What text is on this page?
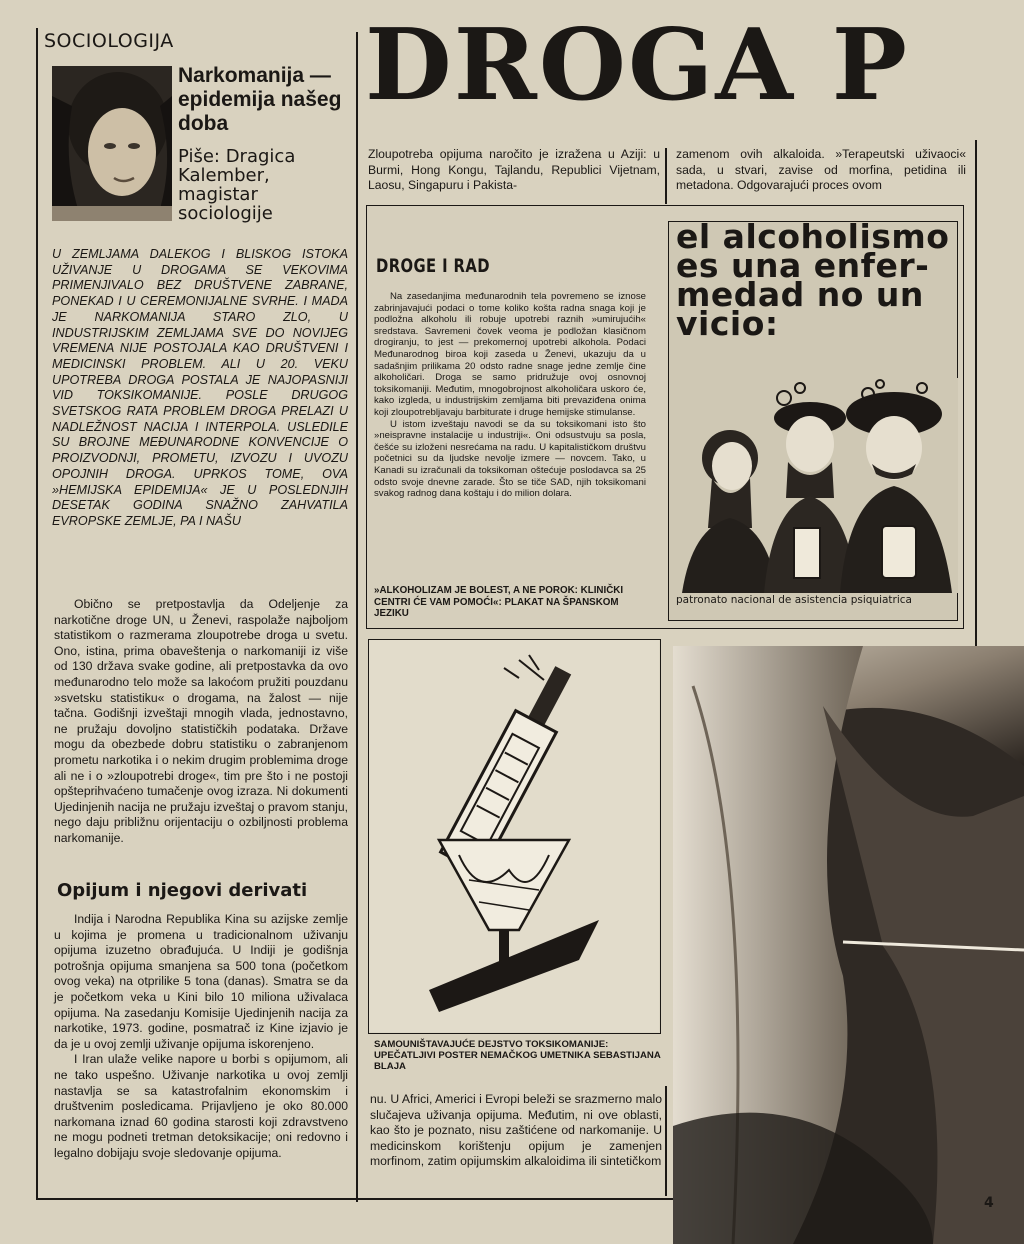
SOCIOLOGIJA
Narkomanija — epidemija našeg doba
Piše: Dragica Kalember, magistar sociologije
U ZEMLJAMA DALEKOG I BLISKOG ISTOKA UŽIVANJE U DROGAMA SE VEKOVIMA PRIMENJIVALO BEZ DRUŠTVENE ZABRANE, PONEKAD I U CEREMONIJALNE SVRHE. I MADA JE NARKOMANIJA STARO ZLO, U INDUSTRIJSKIM ZEMLJAMA SVE DO NOVIJEG VREMENA NIJE POSTOJALA KAO DRUŠTVENI I MEDICINSKI PROBLEM. ALI U 20. VEKU UPOTREBA DROGA POSTALA JE NAJOPASNIJI VID TOKSIKOMANIJE. POSLE DRUGOG SVETSKOG RATA PROBLEM DROGA PRELAZI U NADLEŽNOST NACIJA I INTERPOLA. USLEDILE SU BROJNE MEĐUNARODNE KONVENCIJE O PROIZVODNJI, PROMETU, IZVOZU I UVOZU OPOJNIH DROGA. UPRKOS TOME, OVA »HEMIJSKA EPIDEMIJA« JE U POSLEDNJIH DESETAK GODINA SNAŽNO ZAHVATILA EVROPSKE ZEMLJE, PA I NAŠU
Obično se pretpostavlja da Odeljenje za narkotične droge UN, u Ženevi, raspolaže najboljom statistikom o razmerama zloupotrebe droga u svetu. Ono, istina, prima obaveštenja o narkomaniji iz više od 130 država svake godine, ali pretpostavka da ovo međunarodno telo može sa lakoćom pružiti pouzdanu »svetsku statistiku« o drogama, na žalost — nije tačna. Godišnji izveštaji mnogih vlada, jednostavno, ne pružaju dovoljno statističkih podataka. Države mogu da obezbede dobru statistiku o zabranjenom prometu narkotika i o nekim drugim problemima droge ali ne i o »zloupotrebi droge«, tim pre što i ne postoji opšteprihvaćeno tumačenje ovog izraza. Ni dokumenti Ujedinjenih nacija ne pružaju izveštaj o pravom stanju, nego daju približnu orijentaciju o ozbiljnosti problema narkomanije.
Opijum i njegovi derivati

Indija i Narodna Republika Kina su azijske zemlje u kojima je promena u tradicionalnom uživanju opijuma izuzetno obrađujuća. U Indiji je godišnja potrošnja opijuma smanjena sa 500 tona (početkom ovog veka) na otprilike 5 tona (danas). Smatra se da je početkom veka u Kini bilo 10 miliona uživalaca opijuma. Na zasedanju Komisije Ujedinjenih nacija za narkotike, 1973. godine, posmatrač iz Kine izjavio je da je u ovoj zemlji uživanje opijuma iskorenjeno.

I Iran ulaže velike napore u borbi s opijumom, ali ne tako uspešno. Uživanje narkotika u ovoj zemlji nastavlja se sa katastrofalnim ekonomskim i društvenim posledicama. Prijavljeno je oko 80.000 narkomana iznad 60 godina starosti koji zdravstveno ne mogu podneti tretman detoksikacije; oni redovno i legalno dobijaju svoje sledovanje opijuma.

DROGA P
Zloupotreba opijuma naročito je izražena u Aziji: u Burmi, Hong Kongu, Tajlandu, Republici Vijetnam, Laosu, Singapuru i Pakista-
zamenom ovih alkaloida. »Terapeutski uživaoci« sada, u stvari, zavise od morfina, petidina ili metadona. Odgovarajući proces ovom
DROGE I RAD

Na zasedanjima međunarodnih tela povremeno se iznose zabrinjavajući podaci o tome koliko košta radna snaga koji je podložna alkoholu ili robuje upotrebi raznih »umirujućih« sredstava. Savremeni čovek veoma je podložan klasičnom drogiranju, to jest — prekomernoj upotrebi alkohola. Podaci Međunarodnog biroa koji zaseda u Ženevi, ukazuju da u sadašnjim prilikama 20 odsto radne snage jedne zemlje čine alkoholičari. Droga se samo pridružuje ovoj osnovnoj toksikomaniji. Međutim, mnogobrojnost alkoholičara uskoro će, kako izgleda, u industrijskim zemljama biti prevaziđena onima koji zloupotrebljavaju barbiturate i druge hemijske stimulanse.

U istom izveštaju navodi se da su toksikomani isto što »neispravne instalacije u industriji«. Oni odsustvuju sa posla, češće su izloženi nesrećama na radu. U kapitalističkom društvu početnici su da ljudske nevolje izmere — novcem. Tako, u Kanadi su izračunali da toksikoman oštećuje poslodavca sa 25 odsto svoje dnevne zarade. Što se tiče SAD, njih toksikomani svakog radnog dana koštaju i do milion dolara.

»ALKOHOLIZAM JE BOLEST, A NE POROK: KLINIČKI CENTRI ĆE VAM POMOĆI«: PLAKAT NA ŠPANSKOM JEZIKU
el alcoholismo es una enfer- medad no un vicio:
patronato nacional de asistencia psiquiatrica
SAMOUNIŠTAVAJUĆE DEJSTVO TOKSIKOMANIJE: UPEČATLJIVI POSTER NEMAČKOG UMETNIKA SEBASTIJANA BLAJA
nu. U Africi, Americi i Evropi beleži se srazmerno malo slučajeva uživanja opijuma. Međutim, ni ove oblasti, kao što je poznato, nisu zaštićene od narkomanije. U medicinskom korištenju opijum je zamenjen morfinom, zatim opijumskim alkaloidima ili sintetičkom
4
